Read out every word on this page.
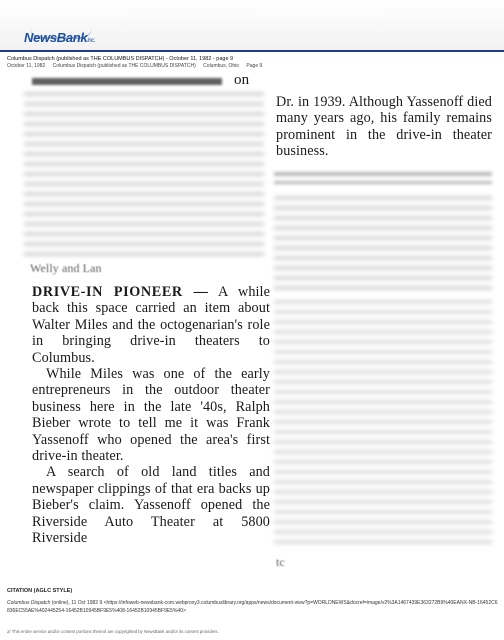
NewsBankinc.
Columbus Dispatch (published as THE COLUMBUS DISPATCH) - October 11, 1982 - page 9
October 11, 1982 Columbus Dispatch (published as THE COLUMBUS DISPATCH) Columbus, Ohio Page 9
on
Welly and Lan

DRIVE-IN PIONEER — A while back this space carried an item about Walter Miles and the octogenarian's role in bringing drive-in theaters to Columbus.

While Miles was one of the early entrepreneurs in the outdoor theater business here in the late '40s, Ralph Bieber wrote to tell me it was Frank Yassenoff who opened the area's first drive-in theater.

A search of old land titles and newspaper clippings of that era backs up Bieber's claim. Yassenoff opened the Riverside Auto Theater at 5800 Riverside

Dr. in 1939. Although Yassenoff died many years ago, his family remains prominent in the drive-in theater business.

tc
CITATION (AGLC STYLE)
Columbus Dispatch (online), 11 Oct 1982 9 <https://infoweb-newsbank-com.webproxy3.columbuslibrary.org/apps/news/document-view?p=WORLDNEWS&docref=image/v2%3A1467439E363272B9%40EANX-NB-16452C6836EC55AE%402445254-16452B10945BF9E5%408-16452B10945BF9E5%40>
2/ This entire service and/or content portions thereof are copyrighted by NewsBank and/or its content providers.
